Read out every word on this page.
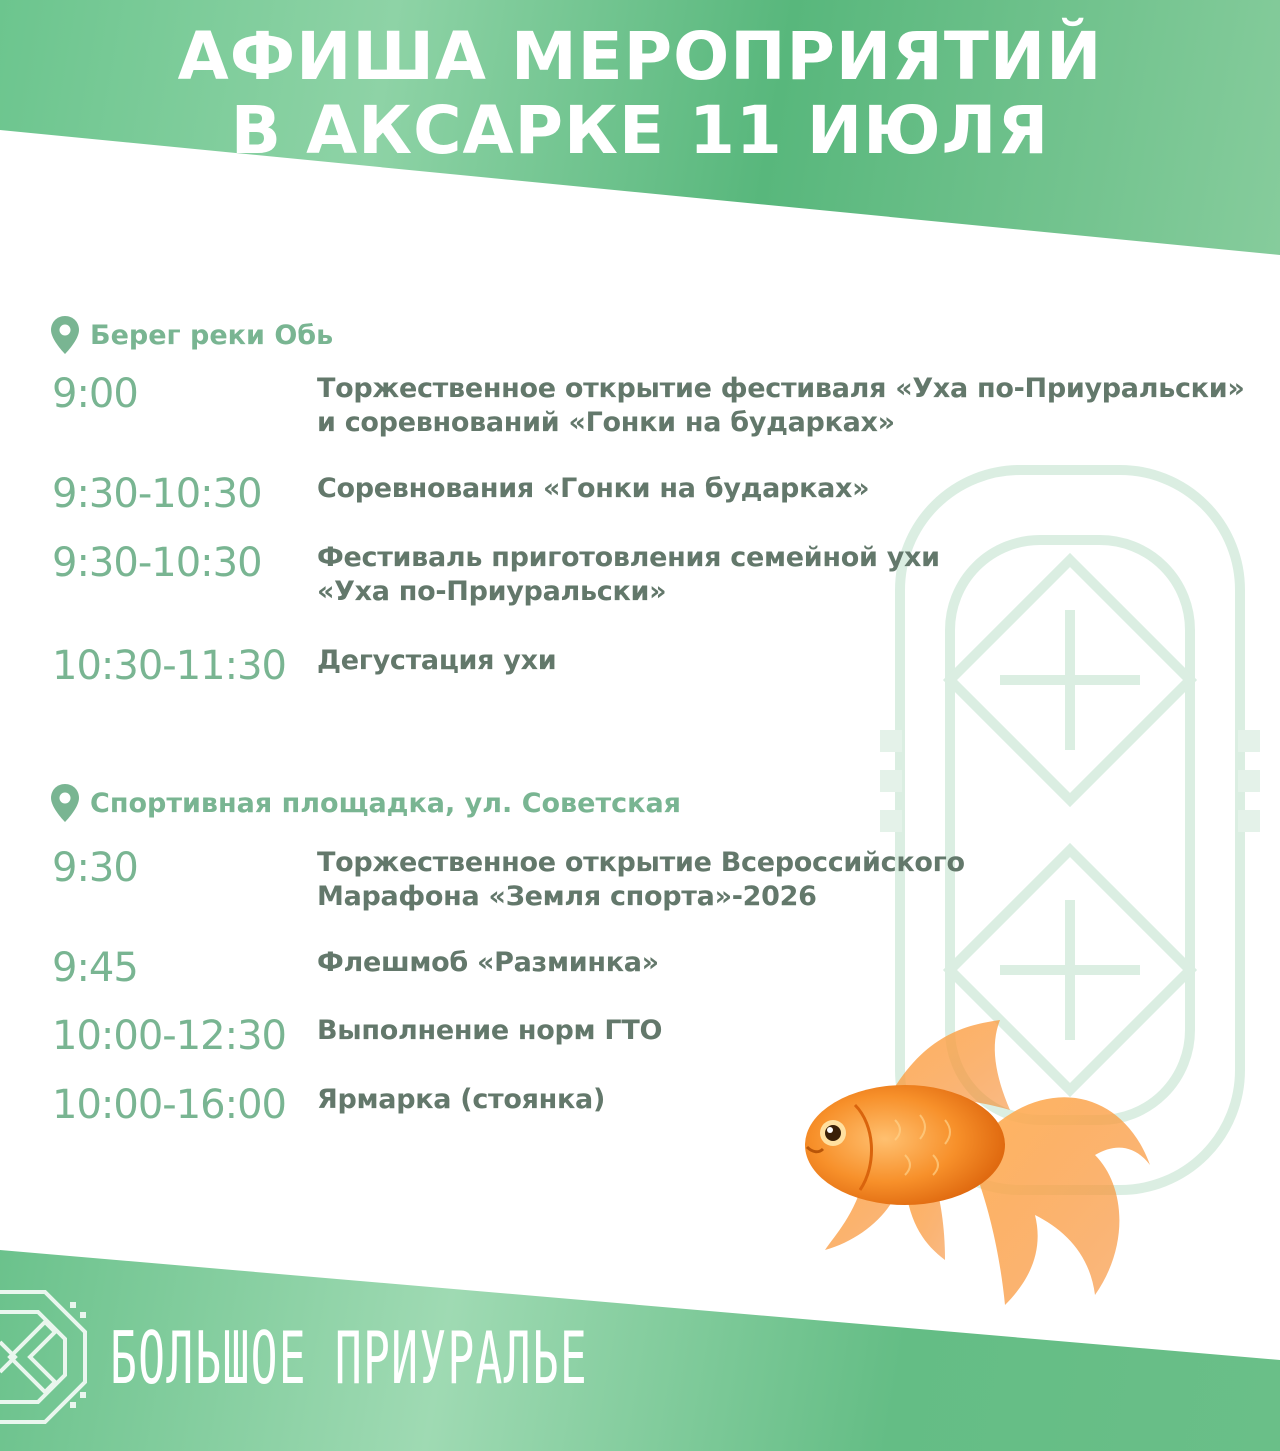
АФИША МЕРОПРИЯТИЙ
В АКСАРКЕ 11 ИЮЛЯ
Берег реки Обь
9:00	Торжественное открытие фестиваля «Уха по-Приуральски»
и соревнований «Гонки на бударках»
9:30-10:30 Соревнования «Гонки на бударках»
9:30-10:30 Фестиваль приготовления семейной ухи
«Уха по-Приуральски»
10:30-11:30 Дегустация ухи
Спортивная площадка, ул. Советская
9:30	Торжественное открытие Всероссийского
Марафона «Земля спорта»-2026
9:45	Флешмоб «Разминка»
10:00-12:30 Выполнение норм ГТО
10:00-16:00 Ярмарка (стоянка)
БОЛЬШОЕ ПРИУРАЛЬЕ
